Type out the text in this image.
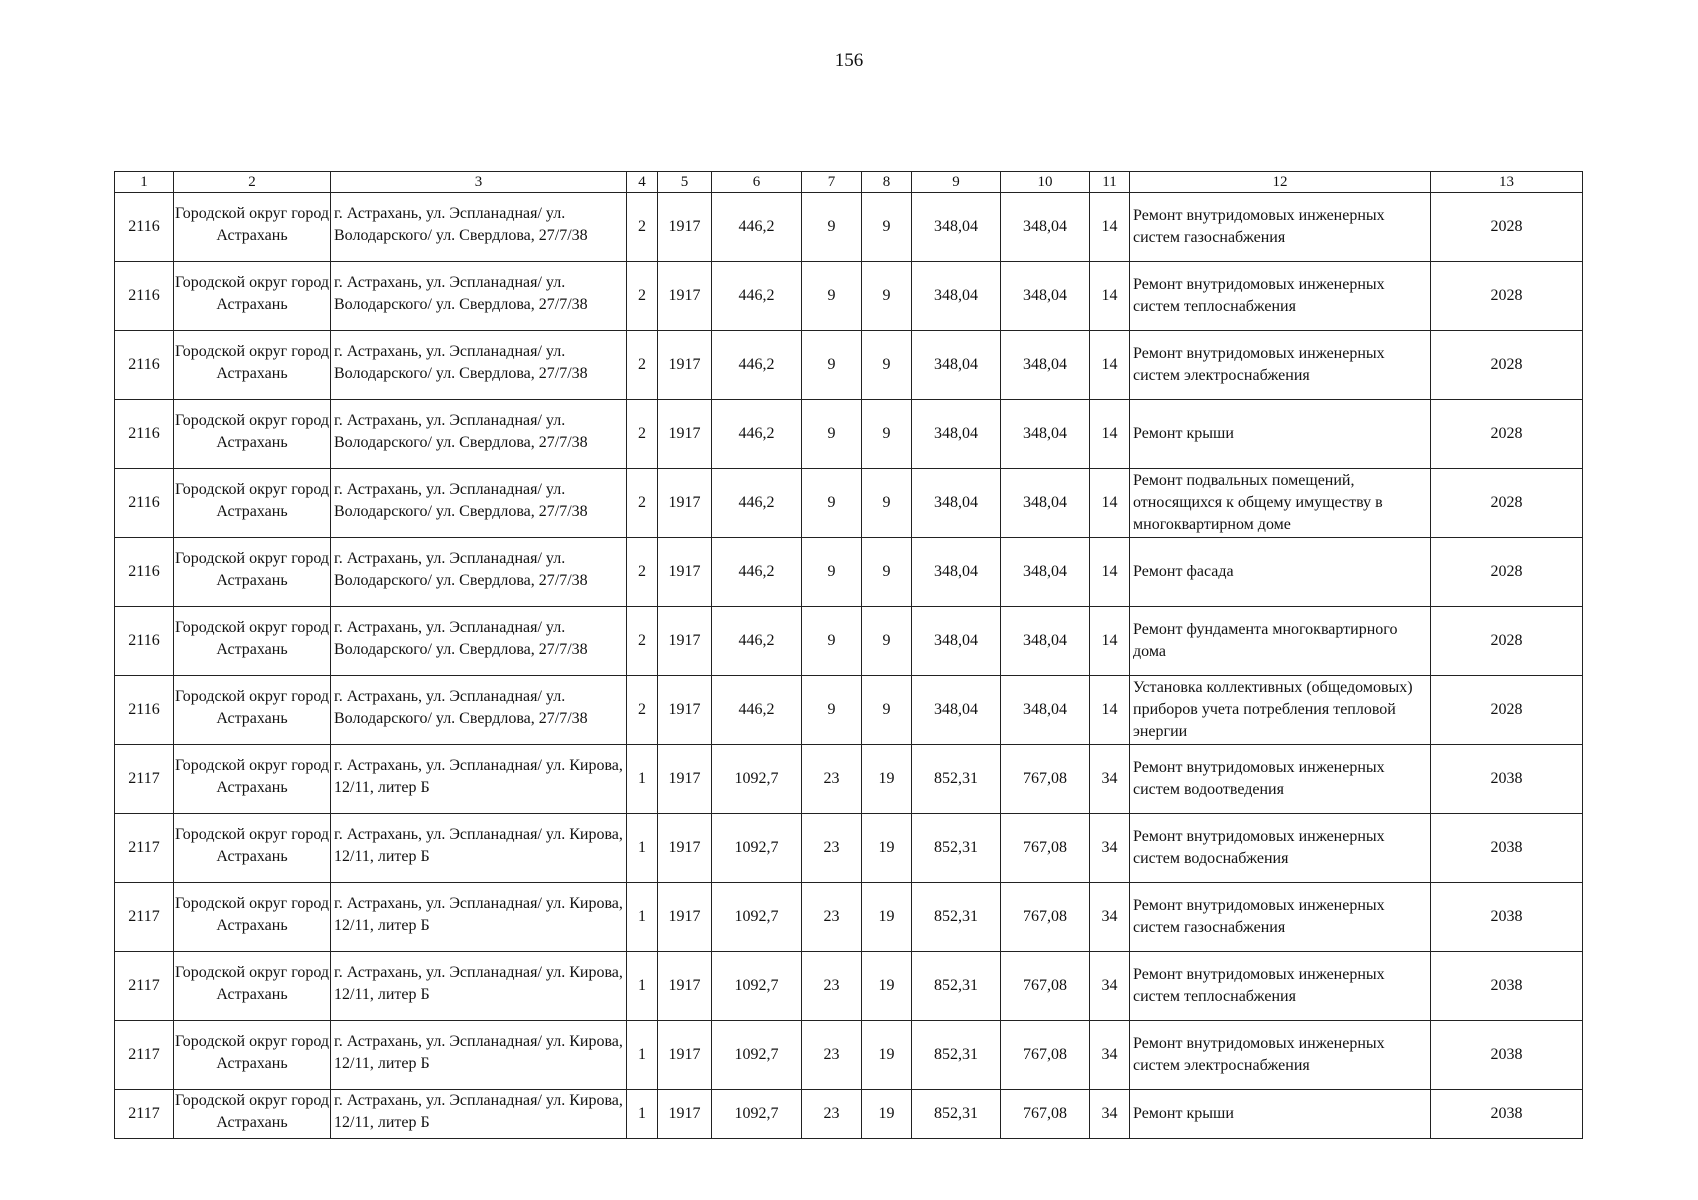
156
1	2	3	4	5	6	7	8	9	10	11	12	13
2116	Городской округ город Астрахань	г. Астрахань, ул. Эспланадная/ ул. Володарского/ ул. Свердлова, 27/7/38	2	1917	446,2	9	9	348,04	348,04	14	Ремонт внутридомовых инженерных систем газоснабжения	2028
2116	Городской округ город Астрахань	г. Астрахань, ул. Эспланадная/ ул. Володарского/ ул. Свердлова, 27/7/38	2	1917	446,2	9	9	348,04	348,04	14	Ремонт внутридомовых инженерных систем теплоснабжения	2028
2116	Городской округ город Астрахань	г. Астрахань, ул. Эспланадная/ ул. Володарского/ ул. Свердлова, 27/7/38	2	1917	446,2	9	9	348,04	348,04	14	Ремонт внутридомовых инженерных систем электроснабжения	2028
2116	Городской округ город Астрахань	г. Астрахань, ул. Эспланадная/ ул. Володарского/ ул. Свердлова, 27/7/38	2	1917	446,2	9	9	348,04	348,04	14	Ремонт крыши	2028
2116	Городской округ город Астрахань	г. Астрахань, ул. Эспланадная/ ул. Володарского/ ул. Свердлова, 27/7/38	2	1917	446,2	9	9	348,04	348,04	14	Ремонт подвальных помещений, относящихся к общему имуществу в многоквартирном доме	2028
2116	Городской округ город Астрахань	г. Астрахань, ул. Эспланадная/ ул. Володарского/ ул. Свердлова, 27/7/38	2	1917	446,2	9	9	348,04	348,04	14	Ремонт фасада	2028
2116	Городской округ город Астрахань	г. Астрахань, ул. Эспланадная/ ул. Володарского/ ул. Свердлова, 27/7/38	2	1917	446,2	9	9	348,04	348,04	14	Ремонт фундамента многоквартирного дома	2028
2116	Городской округ город Астрахань	г. Астрахань, ул. Эспланадная/ ул. Володарского/ ул. Свердлова, 27/7/38	2	1917	446,2	9	9	348,04	348,04	14	Установка коллективных (общедомовых) приборов учета потребления тепловой энергии	2028
2117	Городской округ город Астрахань	г. Астрахань, ул. Эспланадная/ ул. Кирова, 12/11, литер Б	1	1917	1092,7	23	19	852,31	767,08	34	Ремонт внутридомовых инженерных систем водоотведения	2038
2117	Городской округ город Астрахань	г. Астрахань, ул. Эспланадная/ ул. Кирова, 12/11, литер Б	1	1917	1092,7	23	19	852,31	767,08	34	Ремонт внутридомовых инженерных систем водоснабжения	2038
2117	Городской округ город Астрахань	г. Астрахань, ул. Эспланадная/ ул. Кирова, 12/11, литер Б	1	1917	1092,7	23	19	852,31	767,08	34	Ремонт внутридомовых инженерных систем газоснабжения	2038
2117	Городской округ город Астрахань	г. Астрахань, ул. Эспланадная/ ул. Кирова, 12/11, литер Б	1	1917	1092,7	23	19	852,31	767,08	34	Ремонт внутридомовых инженерных систем теплоснабжения	2038
2117	Городской округ город Астрахань	г. Астрахань, ул. Эспланадная/ ул. Кирова, 12/11, литер Б	1	1917	1092,7	23	19	852,31	767,08	34	Ремонт внутридомовых инженерных систем электроснабжения	2038
2117	Городской округ город Астрахань	г. Астрахань, ул. Эспланадная/ ул. Кирова, 12/11, литер Б	1	1917	1092,7	23	19	852,31	767,08	34	Ремонт крыши	2038
